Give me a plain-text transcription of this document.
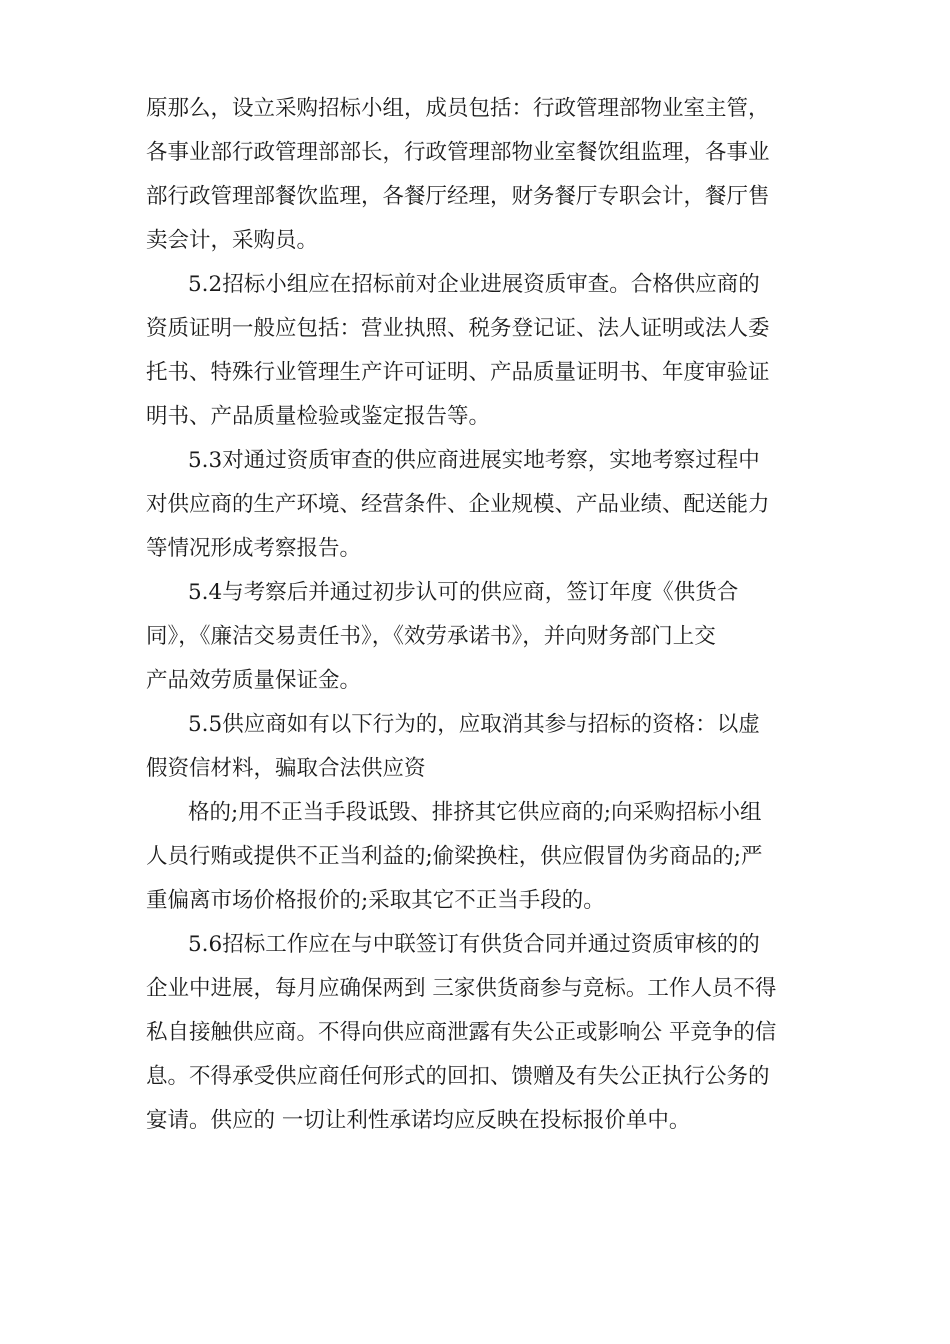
原那么，设立采购招标小组，成员包括：行政管理部物业室主管，
各事业部行政管理部部长，行政管理部物业室餐饮组监理，各事业
部行政管理部餐饮监理，各餐厅经理，财务餐厅专职会计，餐厅售
卖会计，采购员。
5.2招标小组应在招标前对企业进展资质审查。合格供应商的
资质证明一般应包括：营业执照、税务登记证、法人证明或法人委
托书、特殊行业管理生产许可证明、产品质量证明书、年度审验证
明书、产品质量检验或鉴定报告等。
5.3对通过资质审查的供应商进展实地考察，实地考察过程中
对供应商的生产环境、经营条件、企业规模、产品业绩、配送能力
等情况形成考察报告。
5.4与考察后并通过初步认可的供应商，签订年度《供货合
同》，《廉洁交易责任书》，《效劳承诺书》，并向财务部门上交
产品效劳质量保证金。
5.5供应商如有以下行为的，应取消其参与招标的资格：以虚
假资信材料，骗取合法供应资
格的;用不正当手段诋毁、排挤其它供应商的;向采购招标小组
人员行贿或提供不正当利益的;偷梁换柱，供应假冒伪劣商品的;严
重偏离市场价格报价的;采取其它不正当手段的。
5.6招标工作应在与中联签订有供货合同并通过资质审核的的
企业中进展，每月应确保两到 三家供货商参与竞标。工作人员不得
私自接触供应商。不得向供应商泄露有失公正或影响公 平竞争的信
息。不得承受供应商任何形式的回扣、馈赠及有失公正执行公务的
宴请。供应的 一切让利性承诺均应反映在投标报价单中。
